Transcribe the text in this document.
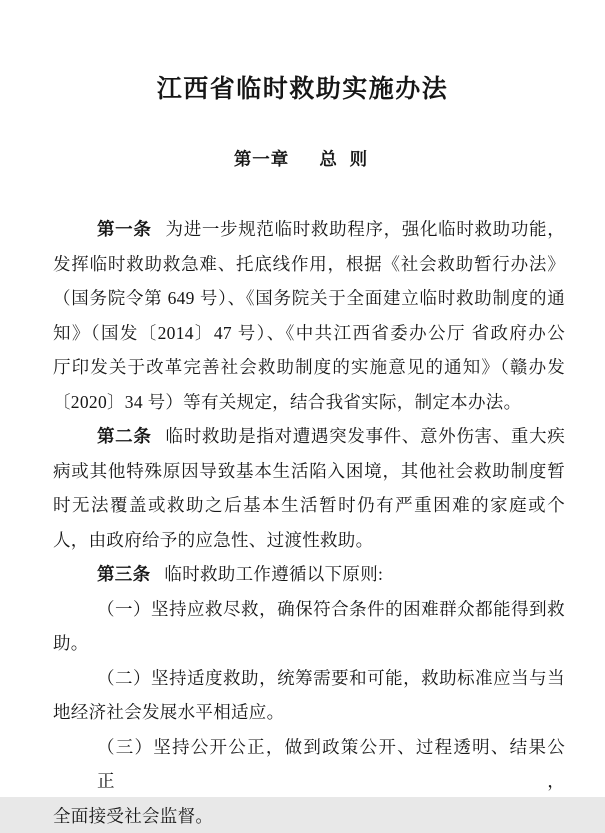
江西省临时救助实施办法
第一章 总 则
第一条 为进一步规范临时救助程序，强化临时救助功能，
发挥临时救助救急难、托底线作用，根据《社会救助暂行办法》
（国务院令第 649 号）、《国务院关于全面建立临时救助制度的通
知》（国发〔2014〕47 号）、《中共江西省委办公厅 省政府办公
厅印发关于改革完善社会救助制度的实施意见的通知》（赣办发
〔2020〕34 号）等有关规定，结合我省实际，制定本办法。
第二条 临时救助是指对遭遇突发事件、意外伤害、重大疾
病或其他特殊原因导致基本生活陷入困境，其他社会救助制度暂
时无法覆盖或救助之后基本生活暂时仍有严重困难的家庭或个
人，由政府给予的应急性、过渡性救助。
第三条 临时救助工作遵循以下原则:
（一）坚持应救尽救，确保符合条件的困难群众都能得到救
助。
（二）坚持适度救助，统筹需要和可能，救助标准应当与当
地经济社会发展水平相适应。
（三）坚持公开公正，做到政策公开、过程透明、结果公正，
全面接受社会监督。
